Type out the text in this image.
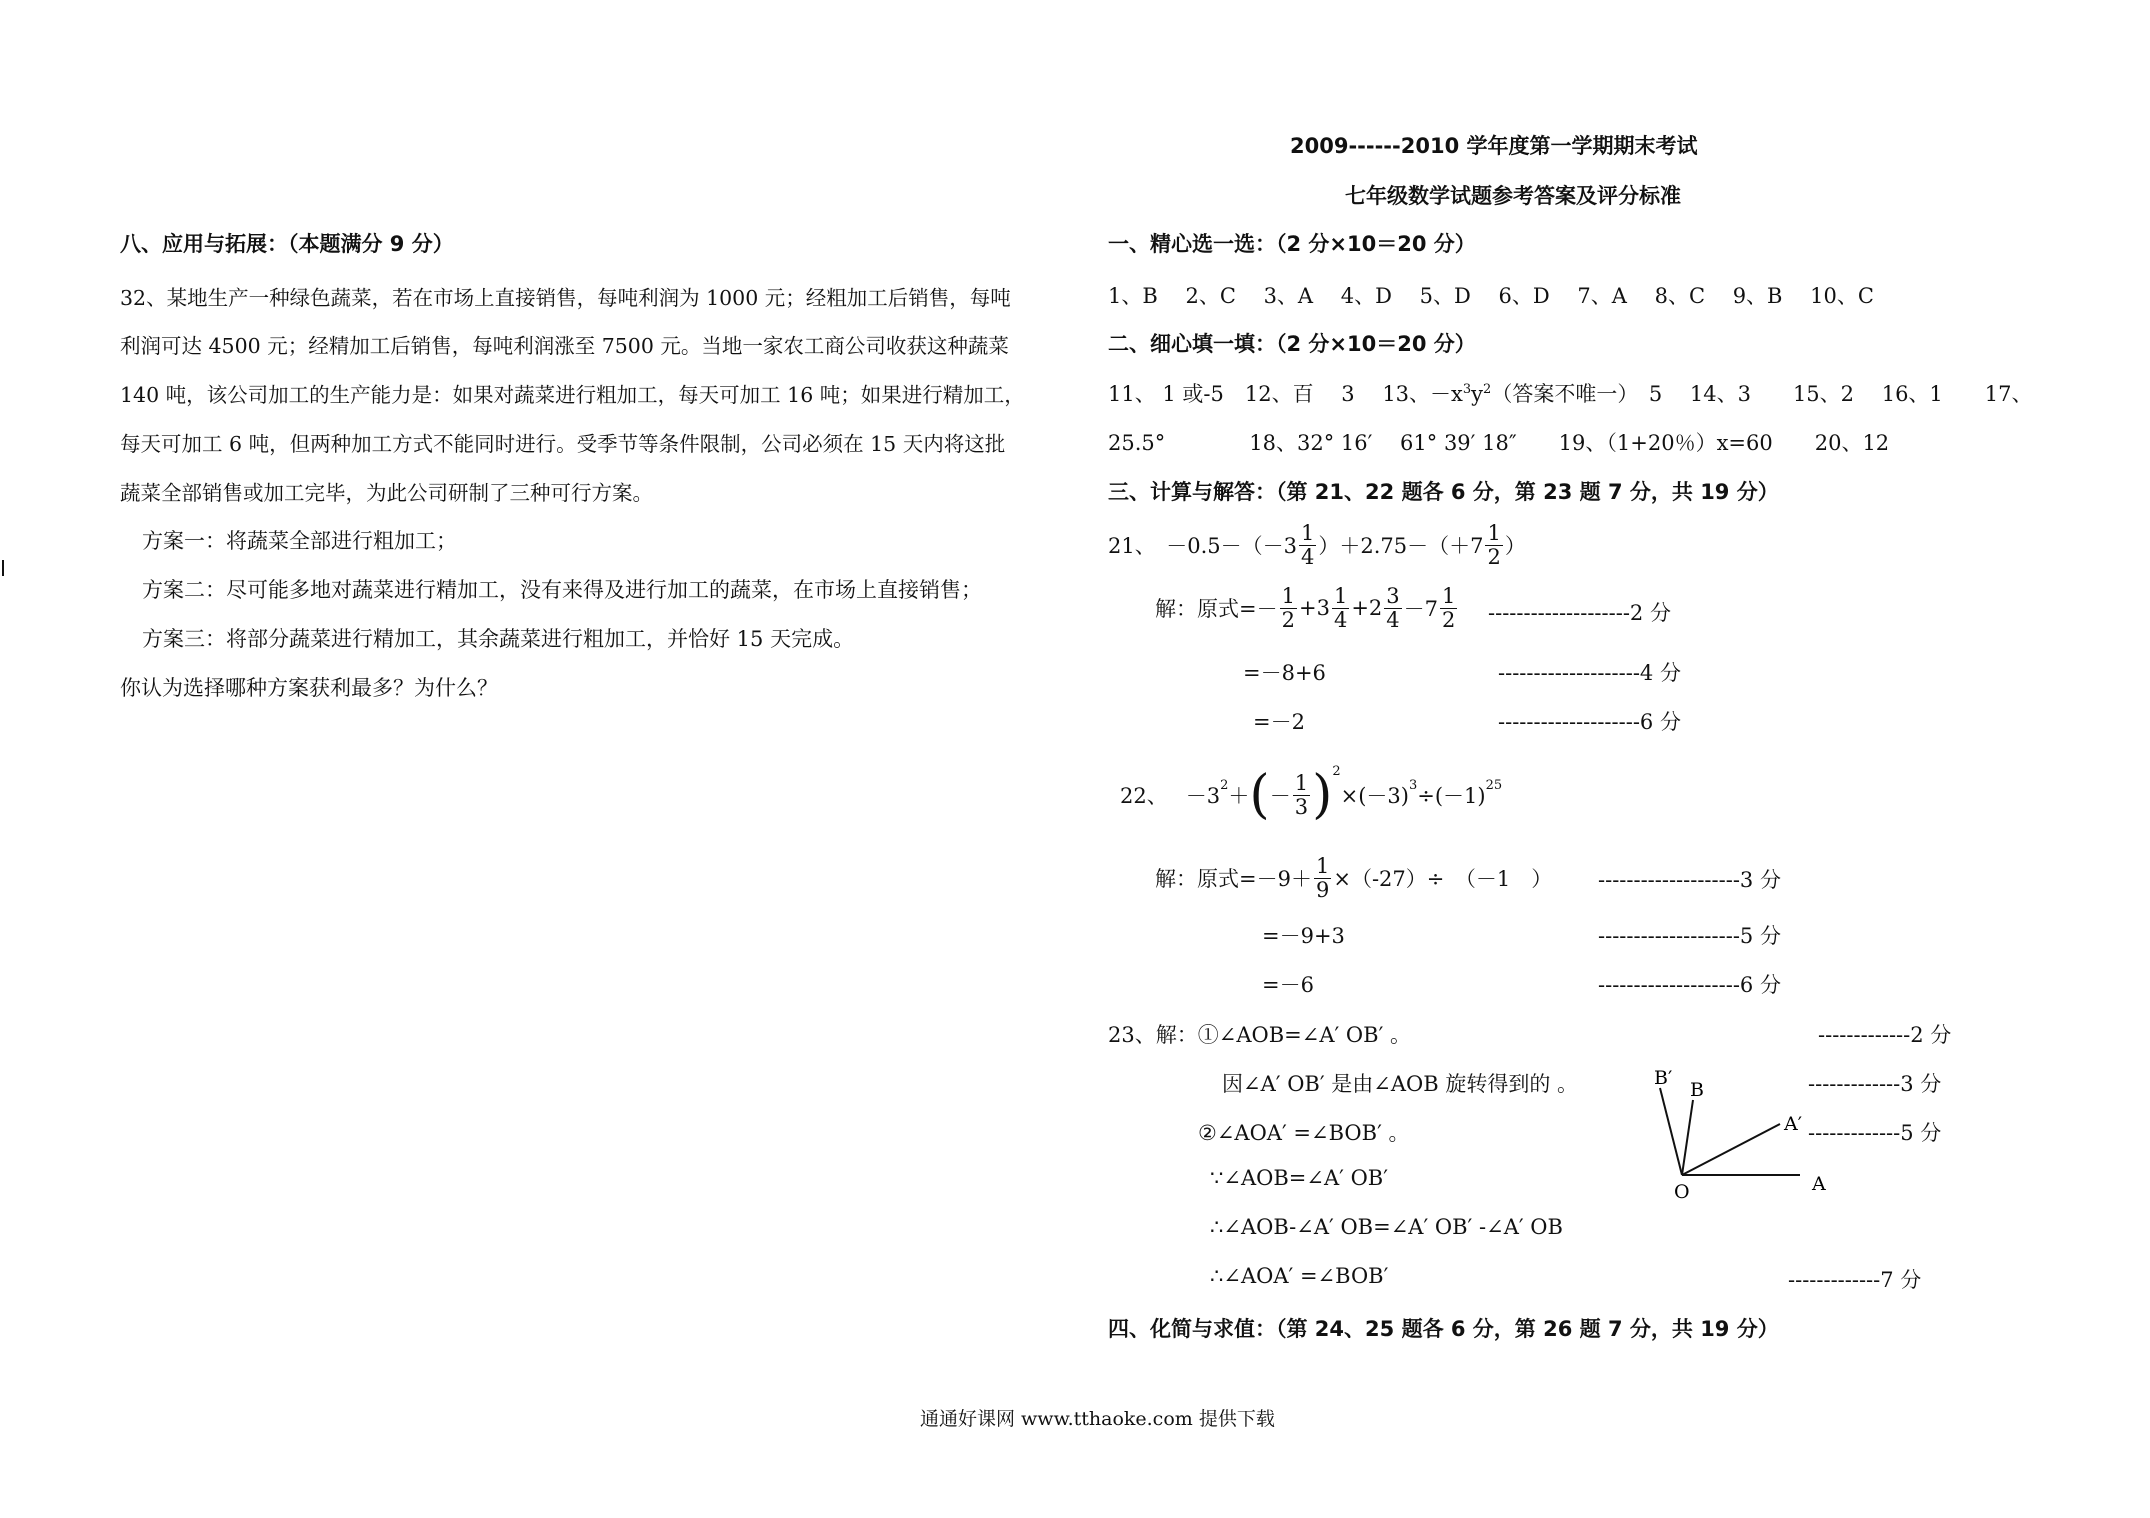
八、应用与拓展：（本题满分 9 分）
32、某地生产一种绿色蔬菜，若在市场上直接销售，每吨利润为 1000 元；经粗加工后销售，每吨
利润可达 4500 元；经精加工后销售，每吨利润涨至 7500 元。当地一家农工商公司收获这种蔬菜
140 吨，该公司加工的生产能力是：如果对蔬菜进行粗加工，每天可加工 16 吨；如果进行精加工，
每天可加工 6 吨，但两种加工方式不能同时进行。受季节等条件限制，公司必须在 15 天内将这批
蔬菜全部销售或加工完毕，为此公司研制了三种可行方案。
方案一：将蔬菜全部进行粗加工；
方案二：尽可能多地对蔬菜进行精加工，没有来得及进行加工的蔬菜，在市场上直接销售；
方案三：将部分蔬菜进行精加工，其余蔬菜进行粗加工，并恰好 15 天完成。
你认为选择哪种方案获利最多？为什么？
2009------2010 学年度第一学期期末考试
七年级数学试题参考答案及评分标准
一、精心选一选：（2 分×10＝20 分）
1、B　 2、C　 3、A　 4、D　 5、D　 6、D　 7、A　 8、C　 9、B　 10、C
二、细心填一填：（2 分×10＝20 分）
11、 1 或-5　12、百　 3　 13、$-x^3y^2$（答案不唯一）　5　 14、3　　15、2　 16、1　　17、
25.5°　　　　18、32° 16′　 61° 39′ 18″　　19、（1+20％）x=60　　20、12
三、计算与解答：（第 21、22 题各 6 分，第 23 题 7 分，共 19 分）
21、　$-0.5-(-3 \frac{1}{4} )+2.75-(+7 \frac{1}{2}$ ）
解：原式=－ $\frac{1}{2} +3 \frac{1}{4} +2 \frac{3}{4} -7 \frac{1}{2} --------------------2$ 分
=－8+6	--------------------4 分
=－2	--------------------6 分
22、 $-3^2$ ＋ ( － $\frac{1}{3} )^2$
$\times(-3)^3 \div(-1)^{25}$
解：原式$=-9+ \frac{1}{9} \times(-27)\div$　（－1　） --------------------3 分
=－9+3	--------------------5 分
=－6	--------------------6 分
23、解：①∠AOB=∠A′ OB′ 。	-------------2 分
因∠A′ OB′ 是由∠AOB 旋转得到的 。	-------------3 分
②∠AOA′ =∠BOB′ 。	-------------5 分
∵∠AOB=∠A′ OB′
∴∠AOB-∠A′ OB=∠A′ OB′ -∠A′ OB
∴∠AOA′ =∠BOB′	-------------7 分
B′
B
A′
O	A
四、化简与求值：（第 24、25 题各 6 分，第 26 题 7 分，共 19 分）
通通好课网 www.tthaoke.com 提供下载
